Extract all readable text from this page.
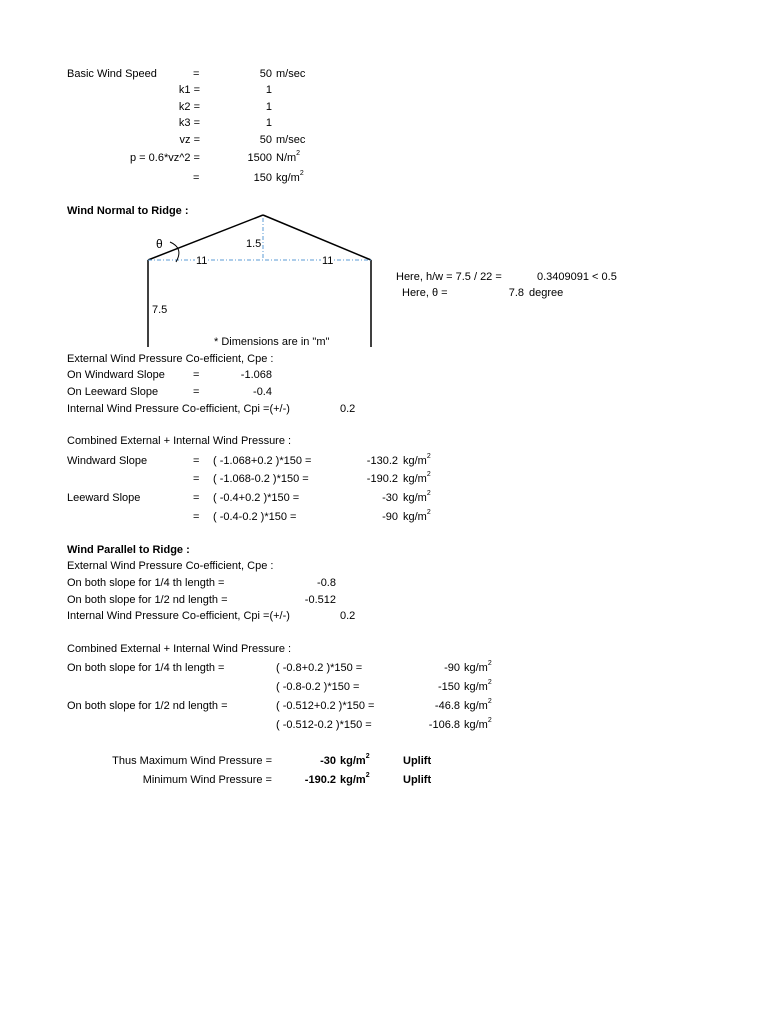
Basic Wind Speed	=	50 m/sec
k1 =	1
k2 =	1
k3 =	1
vz =	50 m/sec
p = 0.6*vz^2 =	1500 $N/m^2$
=	150 $kg/m^2$
Wind Normal to Ridge :
θ	1.5
11	11
7.5
* Dimensions are in "m"
Here, h/w = 7.5 / 22 =	0.3409091 < 0.5
Here, θ =	7.8 degree
External Wind Pressure Co-efficient, Cpe :
On Windward Slope	=	-1.068
On Leeward Slope	=	-0.4
Internal Wind Pressure Co-efficient, Cpi =(+/-)	0.2
Combined External + Internal Wind Pressure :
Windward Slope	= ( -1.068+0.2 )*150 =	-130.2 $kg/m^2$
= ( -1.068-0.2 )*150 =	-190.2 $kg/m^2$
Leeward Slope	= ( -0.4+0.2 )*150 =	-30 $kg/m^2$
= ( -0.4-0.2 )*150 =	-90 $kg/m^2$
Wind Parallel to Ridge :
External Wind Pressure Co-efficient, Cpe :
On both slope for 1/4 th length =	-0.8
On both slope for 1/2 nd length =	-0.512
Internal Wind Pressure Co-efficient, Cpi =(+/-)	0.2
Combined External + Internal Wind Pressure :
On both slope for 1/4 th length =	( -0.8+0.2 )*150 =	-90 $kg/m^2$
( -0.8-0.2 )*150 =	-150 $kg/m^2$
On both slope for 1/2 nd length =	( -0.512+0.2 )*150 =	-46.8 $kg/m^2$
( -0.512-0.2 )*150 =	-106.8 $kg/m^2$
Thus Maximum Wind Pressure =	-30 $kg/m^2$	Uplift
Minimum Wind Pressure =	-190.2 $kg/m^2$	Uplift
